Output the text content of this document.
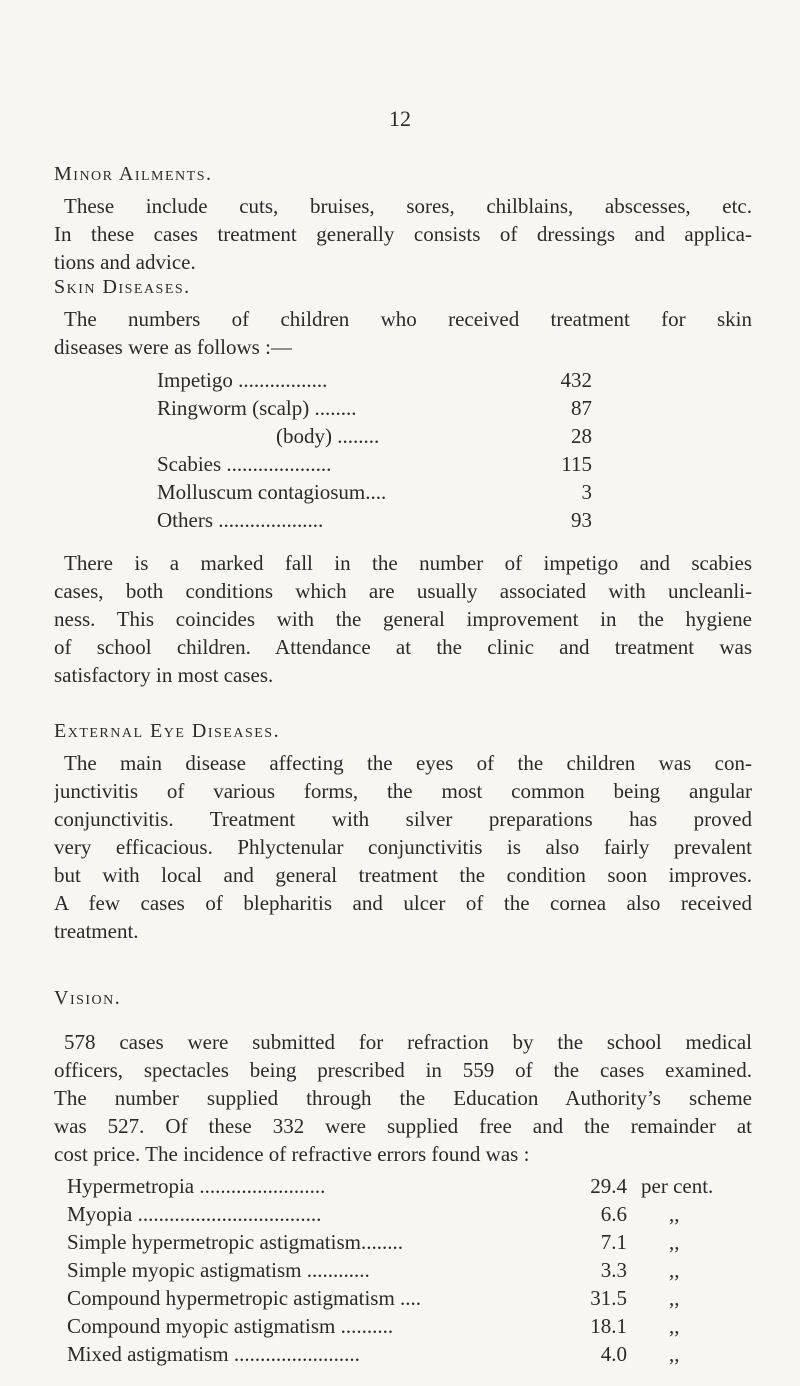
12
Minor Ailments.
These include cuts, bruises, sores, chilblains, abscesses, etc.
In these cases treatment generally consists of dressings and applica-
tions and advice.
Skin Diseases.
The numbers of children who received treatment for skin
diseases were as follows :—
Impetigo .................	432
Ringworm (scalp) ........	87
(body) ........	28
Scabies ....................	115
Molluscum contagiosum....	3
Others ....................	93
There is a marked fall in the number of impetigo and scabies
cases, both conditions which are usually associated with uncleanli-
ness. This coincides with the general improvement in the hygiene
of school children. Attendance at the clinic and treatment was
satisfactory in most cases.
External Eye Diseases.
The main disease affecting the eyes of the children was con-
junctivitis of various forms, the most common being angular
conjunctivitis. Treatment with silver preparations has proved
very efficacious. Phlyctenular conjunctivitis is also fairly prevalent
but with local and general treatment the condition soon improves.
A few cases of blepharitis and ulcer of the cornea also received
treatment.
Vision.
578 cases were submitted for refraction by the school medical
officers, spectacles being prescribed in 559 of the cases examined.
The number supplied through the Education Authority’s scheme
was 527. Of these 332 were supplied free and the remainder at
cost price. The incidence of refractive errors found was :
Hypermetropia ........................	29.4 per cent.
Myopia ...................................	6.6 ,,
Simple hypermetropic astigmatism........	7.1 ,,
Simple myopic astigmatism ............	3.3 ,,
Compound hypermetropic astigmatism ....	31.5 ,,
Compound myopic astigmatism ..........	18.1 ,,
Mixed astigmatism ........................	4.0 ,,
